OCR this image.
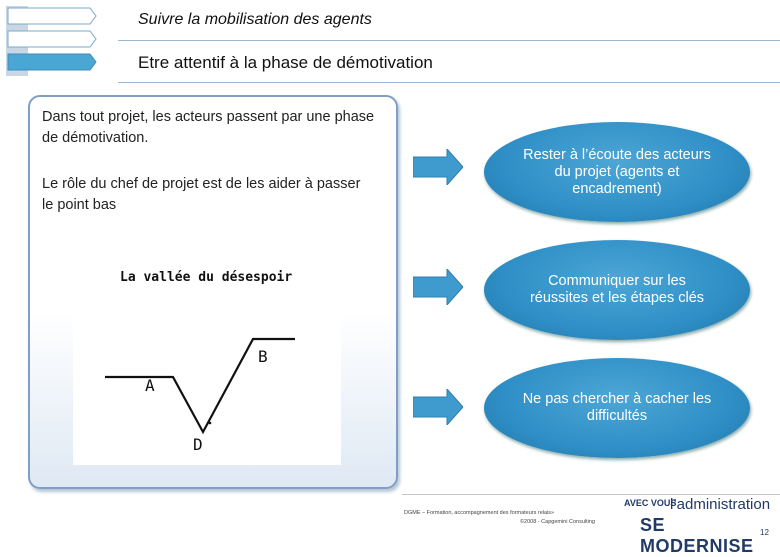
Suivre la mobilisation des agents
Etre attentif à la phase de démotivation
Dans tout projet, les acteurs passent par une phase de démotivation.
Le rôle du chef de projet est de les aider à passer le point bas
La vallée du désespoir
A
B
D
Rester à l’écoute des acteurs du projet (agents et encadrement)
Communiquer sur les réussites et les étapes clés
Ne pas chercher à cacher les difficultés
DGME – Formation, accompagnement des formateurs relais»
©2008 - Capgemini Consulting
AVEC VOUS
l’administration
SE MODERNISE
12
